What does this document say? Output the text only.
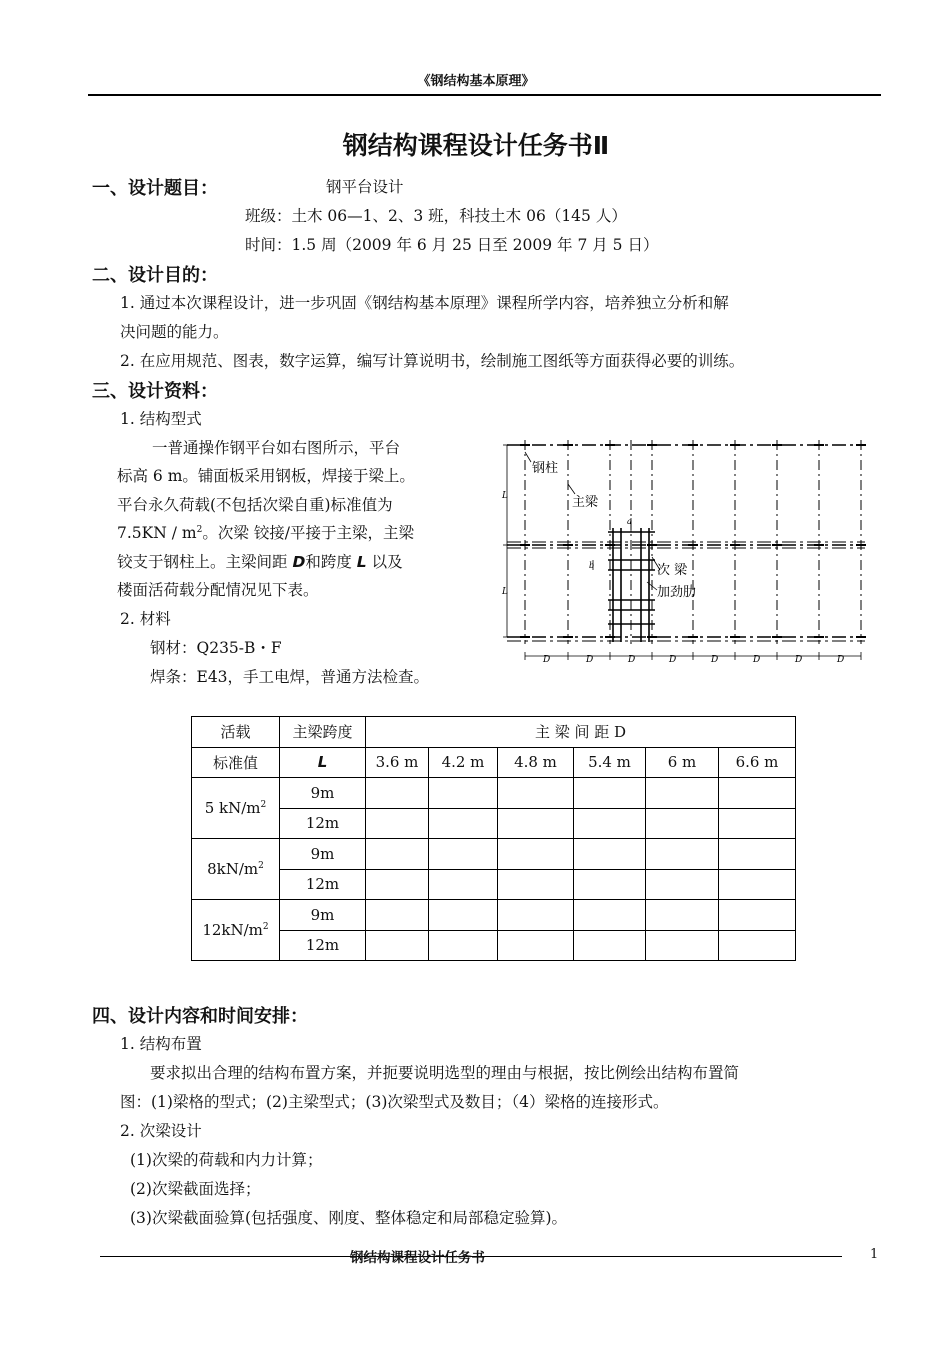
《钢结构基本原理》
钢结构课程设计任务书Ⅱ
一、设计题目：	钢平台设计
班级：土木 06—1、2、3 班，科技土木 06（145 人）
时间：1.5 周（2009 年 6 月 25 日至 2009 年 7 月 5 日）
二、设计目的：
1. 通过本次课程设计，进一步巩固《钢结构基本原理》课程所学内容，培养独立分析和解
决问题的能力。
2. 在应用规范、图表，数字运算，编写计算说明书，绘制施工图纸等方面获得必要的训练。
三、设计资料：
1. 结构型式
一普通操作钢平台如右图所示，平台
标高 6 m。铺面板采用钢板，焊接于梁上。
平台永久荷载(不包括次梁自重)标准值为
$7.5KN / m^2$。次梁 铰接/平接于主梁，主梁
铰支于钢柱上。主梁间距 D和跨度 L 以及
楼面活荷载分配情况见下表。
2. 材料
钢材：Q235-B・F
焊条：E43，手工电焊，普通方法检查。
钢柱
主梁
次 梁
加劲肋
L
L
a
b
D	D	D	D	D	D	D	D
活载	主梁跨度	主 梁 间 距 D					
标准值	L	3.6 m	4.2 m	4.8 m	5.4 m	6 m	6.6 m
5 $kN/m^2$	9m						
	12m						
$8kN/m^2$	9m						
	12m						
$12kN/m^2$	9m						
	12m						
四、设计内容和时间安排：
1. 结构布置
要求拟出合理的结构布置方案，并扼要说明选型的理由与根据，按比例绘出结构布置简
图：(1)梁格的型式；(2)主梁型式；(3)次梁型式及数目；（4）梁格的连接形式。
2. 次梁设计
(1)次梁的荷载和内力计算；
(2)次梁截面选择；
(3)次梁截面验算(包括强度、刚度、整体稳定和局部稳定验算)。
钢结构课程设计任务书	1
